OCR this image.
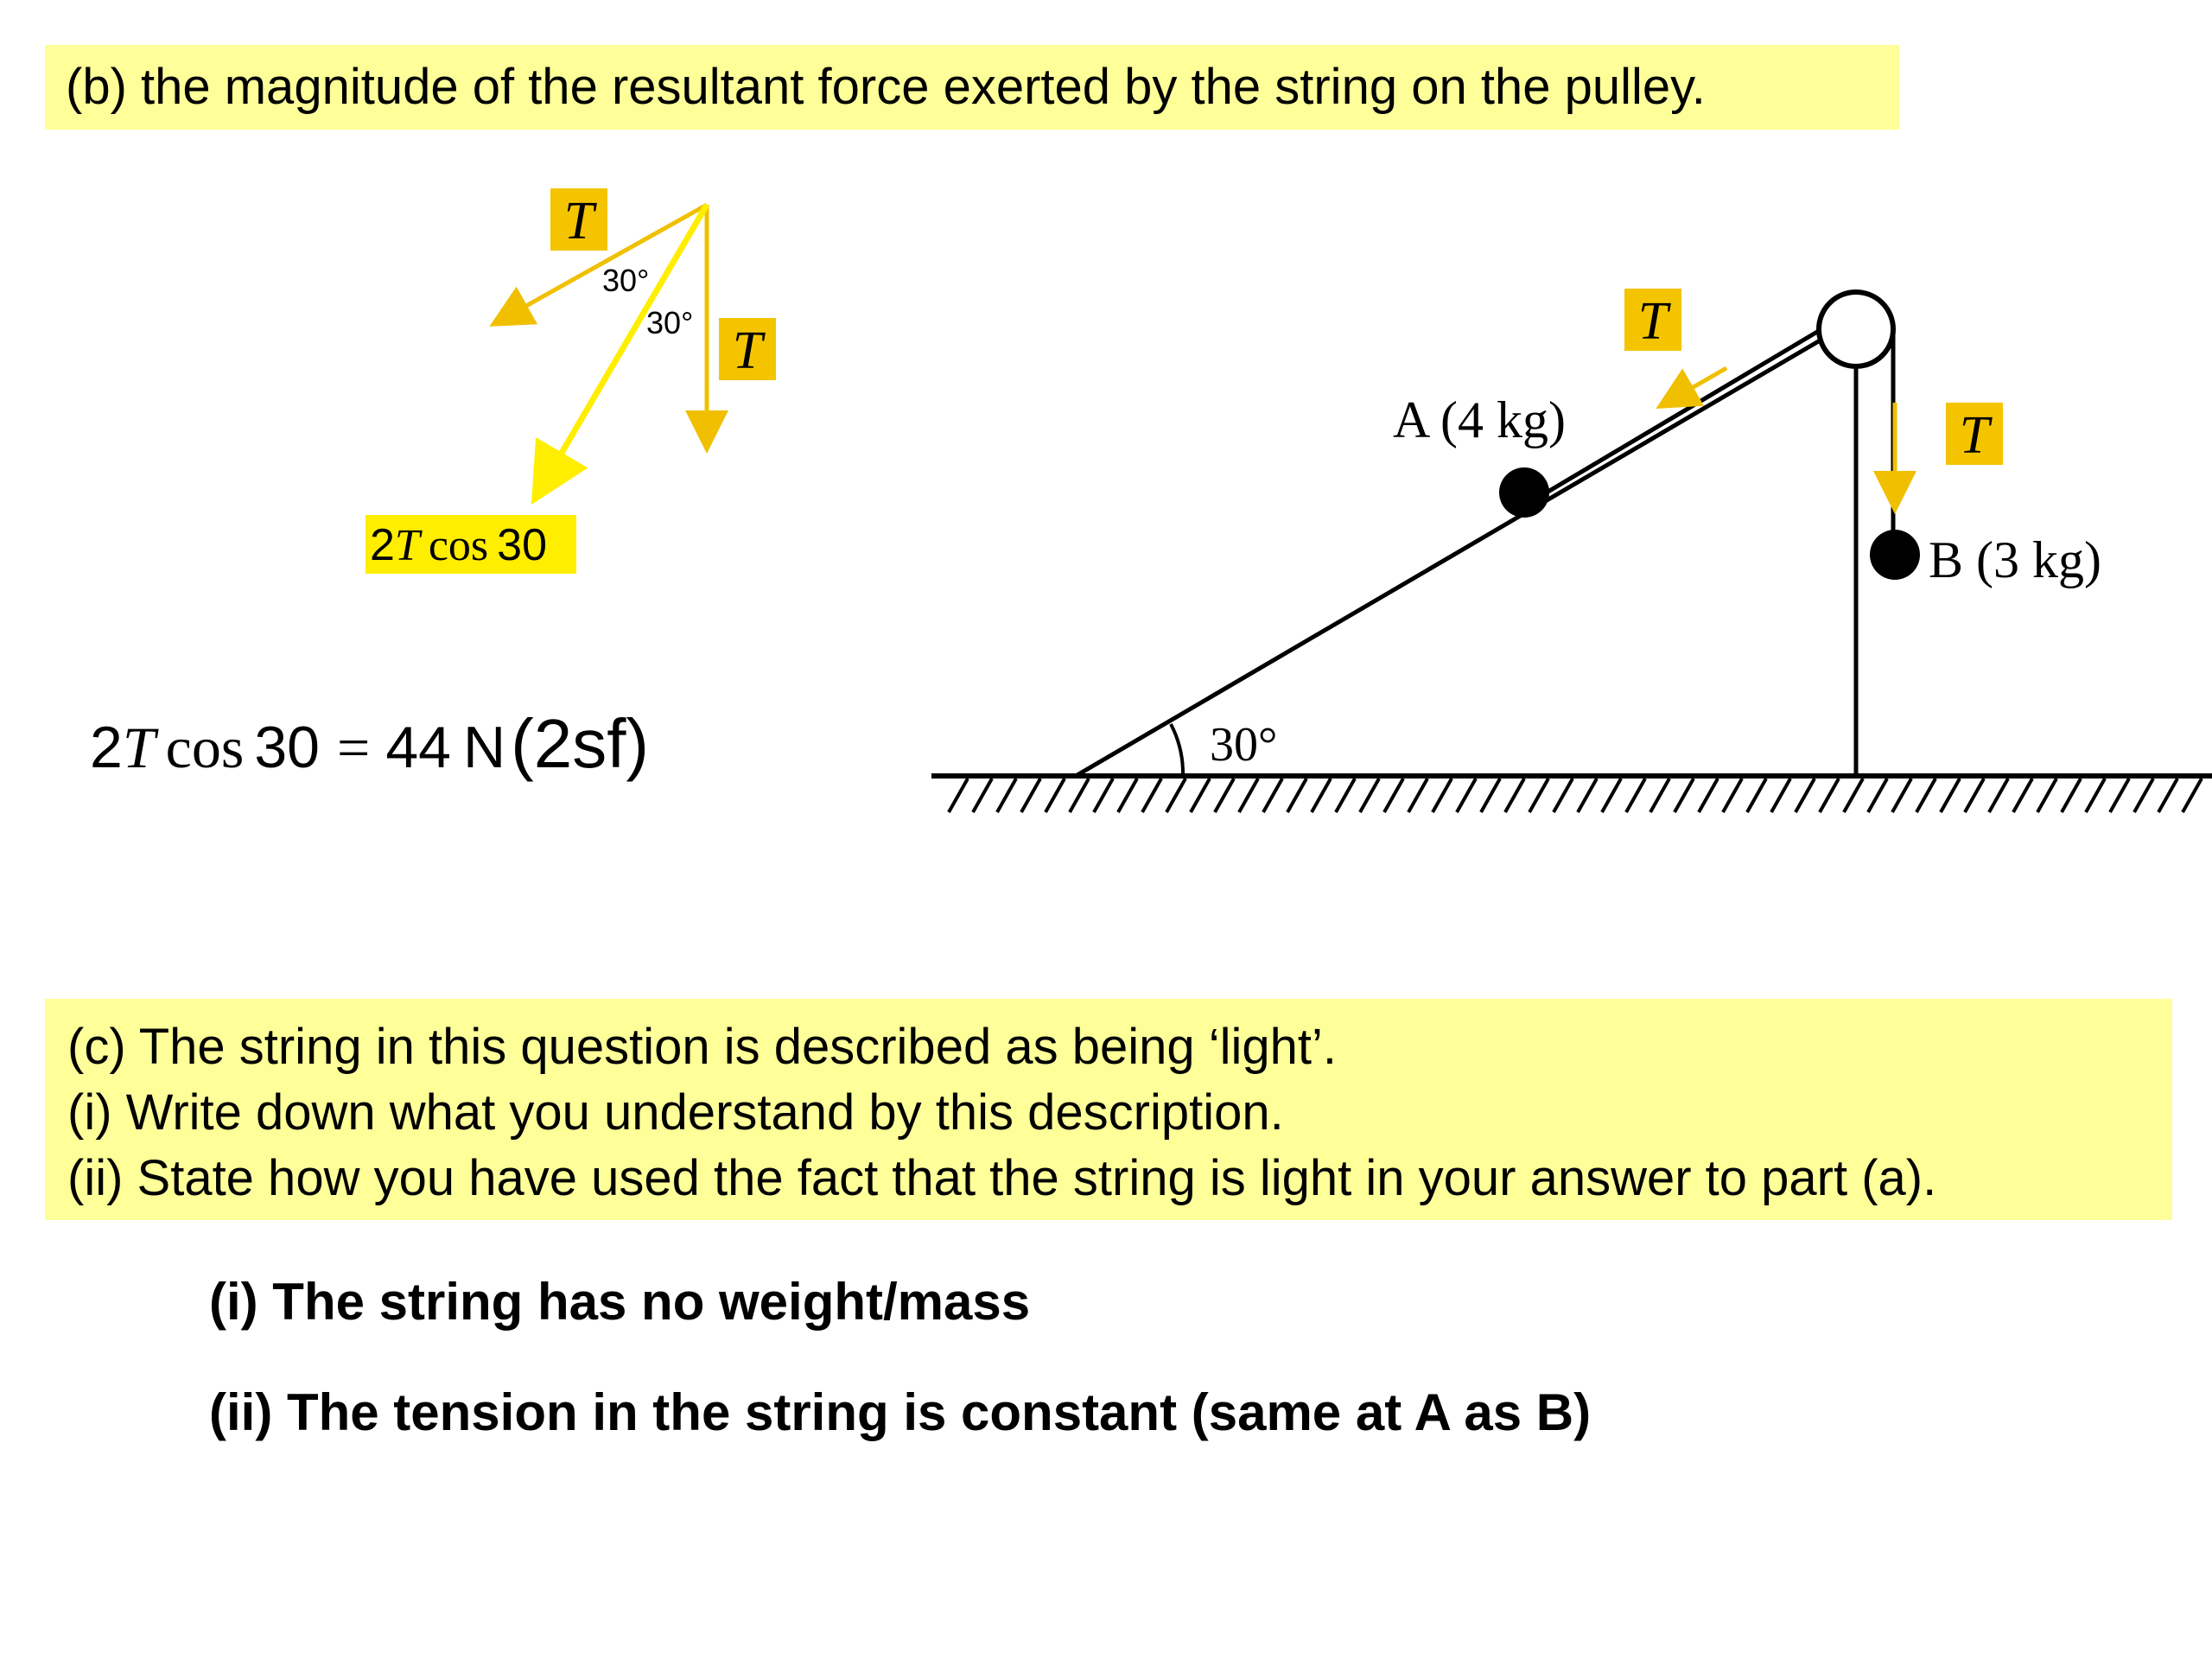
(b) the magnitude of the resultant force exerted by the string on the pulley.
T
T
30°
30°
2T cos 30
2T cos 30 = 44 N(2sf)	30°
T
T
A (4 kg)
B (3 kg)
(c) The string in this question is described as being ‘light’.
(i) Write down what you understand by this description.
(ii) State how you have used the fact that the string is light in your answer to part (a).
(i) The string has no weight/mass
(ii) The tension in the string is constant (same at A as B)
